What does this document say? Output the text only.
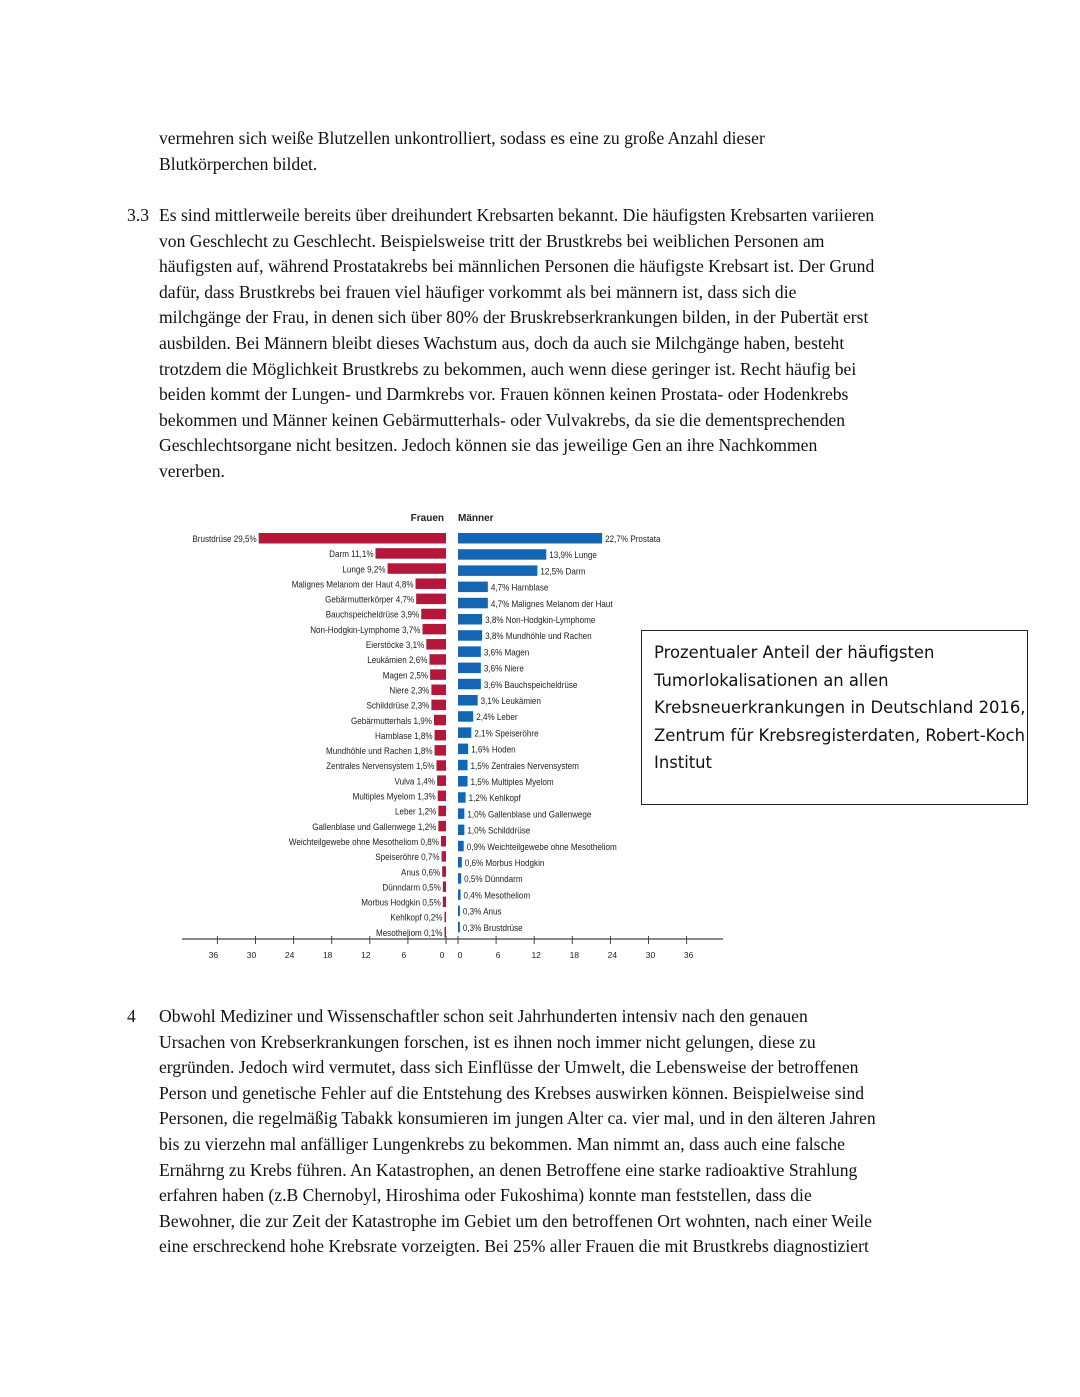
vermehren sich weiße Blutzellen unkontrolliert, sodass es eine zu große Anzahl dieser
Blutkörperchen bildet.
3.3 Es sind mittlerweile bereits über dreihundert Krebsarten bekannt. Die häufigsten Krebsarten variieren
von Geschlecht zu Geschlecht. Beispielsweise tritt der Brustkrebs bei weiblichen Personen am
häufigsten auf, während Prostatakrebs bei männlichen Personen die häufigste Krebsart ist. Der Grund
dafür, dass Brustkrebs bei frauen viel häufiger vorkommt als bei männern ist, dass sich die
milchgänge der Frau, in denen sich über 80% der Bruskrebserkrankungen bilden, in der Pubertät erst
ausbilden. Bei Männern bleibt dieses Wachstum aus, doch da auch sie Milchgänge haben, besteht
trotzdem die Möglichkeit Brustkrebs zu bekommen, auch wenn diese geringer ist. Recht häufig bei
beiden kommt der Lungen- und Darmkrebs vor. Frauen können keinen Prostata- oder Hodenkrebs
bekommen und Männer keinen Gebärmutterhals- oder Vulvakrebs, da sie die dementsprechenden
Geschlechtsorgane nicht besitzen. Jedoch können sie das jeweilige Gen an ihre Nachkommen
vererben.
Frauen Männer
Brustdrüse 29,5%
Darm 11,1%
Lunge 9,2%
Malignes Melanom der Haut 4,8%
Gebärmutterkörper 4,7%
Bauchspeicheldrüse 3,9%
Non-Hodgkin-Lymphome 3,7%
Eierstöcke 3,1%
Leukämien 2,6%
Magen 2,5%
Niere 2,3%
Schilddrüse 2,3%
Gebärmutterhals 1,9%
Harnblase 1,8%
Mundhöhle und Rachen 1,8%
Zentrales Nervensystem 1,5%
Vulva 1,4%
Multiples Myelom 1,3%
Leber 1,2%
Gallenblase und Gallenwege 1,2%
Weichteilgewebe ohne Mesotheliom 0,8%
Speiseröhre 0,7%
Anus 0,6%
Dünndarm 0,5%
Morbus Hodgkin 0,5%
Kehlkopf 0,2%
Mesotheliom 0,1%
22,7% Prostata
13,9% Lunge
12,5% Darm
4,7% Harnblase
4,7% Malignes Melanom der Haut
3,8% Non-Hodgkin-Lymphome
3,8% Mundhöhle und Rachen
3,6% Magen
3,6% Niere
3,6% Bauchspeicheldrüse
3,1% Leukämien
2,4% Leber
2,1% Speiseröhre
1,6% Hoden
1,5% Zentrales Nervensystem
1,5% Multiples Myelom
1,2% Kehlkopf
1,0% Gallenblase und Gallenwege
1,0% Schilddrüse
0,9% Weichteilgewebe ohne Mesotheliom
0,6% Morbus Hodgkin
0,5% Dünndarm
0,4% Mesotheliom
0,3% Anus
0,3% Brustdrüse
36	30	24	18	12	6	0 0	6	12	18	24	30	36
Prozentualer Anteil der häufigsten
Tumorlokalisationen an allen
Krebsneuerkrankungen in Deutschland 2016,
Zentrum für Krebsregisterdaten, Robert-Koch
Institut
4 Obwohl Mediziner und Wissenschaftler schon seit Jahrhunderten intensiv nach den genauen
Ursachen von Krebserkrankungen forschen, ist es ihnen noch immer nicht gelungen, diese zu
ergründen. Jedoch wird vermutet, dass sich Einflüsse der Umwelt, die Lebensweise der betroffenen
Person und genetische Fehler auf die Entstehung des Krebses auswirken können. Beispielweise sind
Personen, die regelmäßig Tabakk konsumieren im jungen Alter ca. vier mal, und in den älteren Jahren
bis zu vierzehn mal anfälliger Lungenkrebs zu bekommen. Man nimmt an, dass auch eine falsche
Ernährng zu Krebs führen. An Katastrophen, an denen Betroffene eine starke radioaktive Strahlung
erfahren haben (z.B Chernobyl, Hiroshima oder Fukoshima) konnte man feststellen, dass die
Bewohner, die zur Zeit der Katastrophe im Gebiet um den betroffenen Ort wohnten, nach einer Weile
eine erschreckend hohe Krebsrate vorzeigten. Bei 25% aller Frauen die mit Brustkrebs diagnostiziert
